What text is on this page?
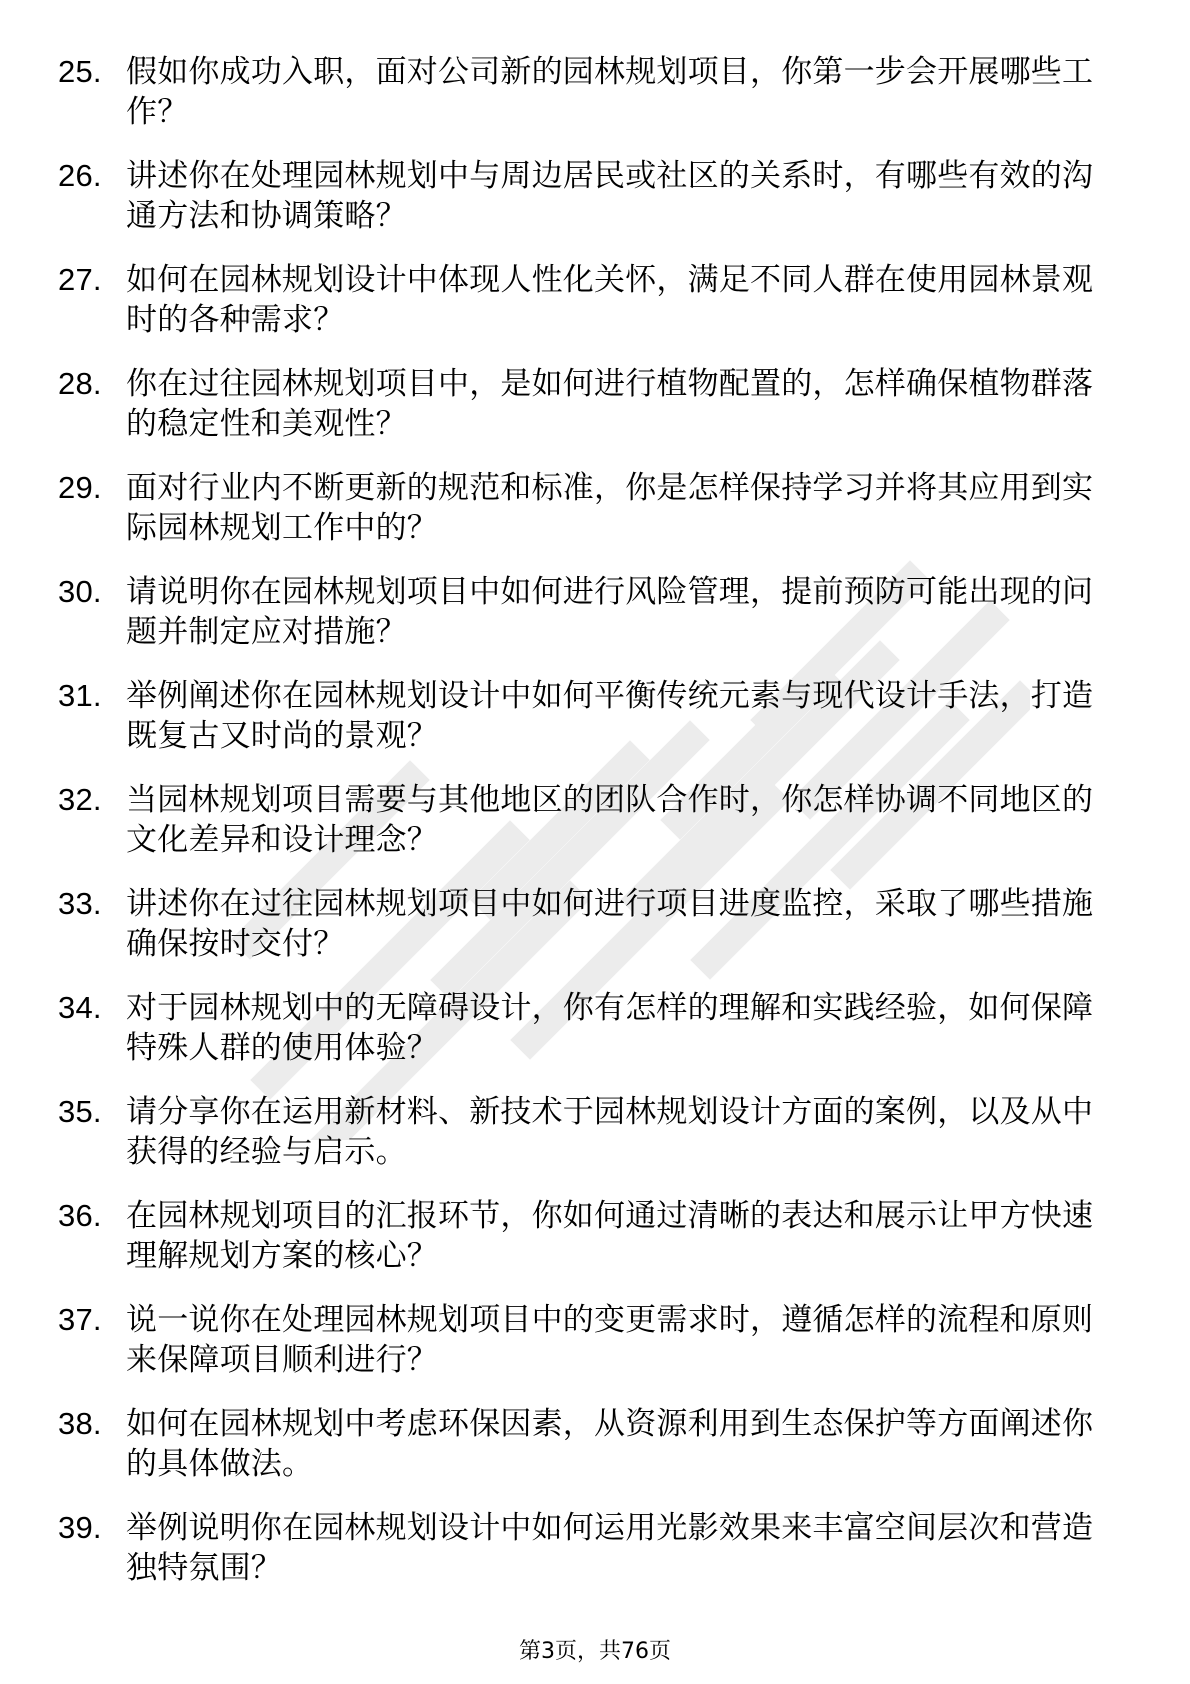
25. 假如你成功入职，面对公司新的园林规划项目，你第一步会开展哪些工作？
26. 讲述你在处理园林规划中与周边居民或社区的关系时，有哪些有效的沟通方法和协调策略？
27. 如何在园林规划设计中体现人性化关怀，满足不同人群在使用园林景观时的各种需求？
28. 你在过往园林规划项目中，是如何进行植物配置的，怎样确保植物群落的稳定性和美观性？
29. 面对行业内不断更新的规范和标准，你是怎样保持学习并将其应用到实际园林规划工作中的？
30. 请说明你在园林规划项目中如何进行风险管理，提前预防可能出现的问题并制定应对措施？
31. 举例阐述你在园林规划设计中如何平衡传统元素与现代设计手法，打造既复古又时尚的景观？
32. 当园林规划项目需要与其他地区的团队合作时，你怎样协调不同地区的文化差异和设计理念？
33. 讲述你在过往园林规划项目中如何进行项目进度监控，采取了哪些措施确保按时交付？
34. 对于园林规划中的无障碍设计，你有怎样的理解和实践经验，如何保障特殊人群的使用体验？
35. 请分享你在运用新材料、新技术于园林规划设计方面的案例，以及从中获得的经验与启示。
36. 在园林规划项目的汇报环节，你如何通过清晰的表达和展示让甲方快速理解规划方案的核心？
37. 说一说你在处理园林规划项目中的变更需求时，遵循怎样的流程和原则来保障项目顺利进行？
38. 如何在园林规划中考虑环保因素，从资源利用到生态保护等方面阐述你的具体做法。
39. 举例说明你在园林规划设计中如何运用光影效果来丰富空间层次和营造独特氛围？
第3页，共76页
